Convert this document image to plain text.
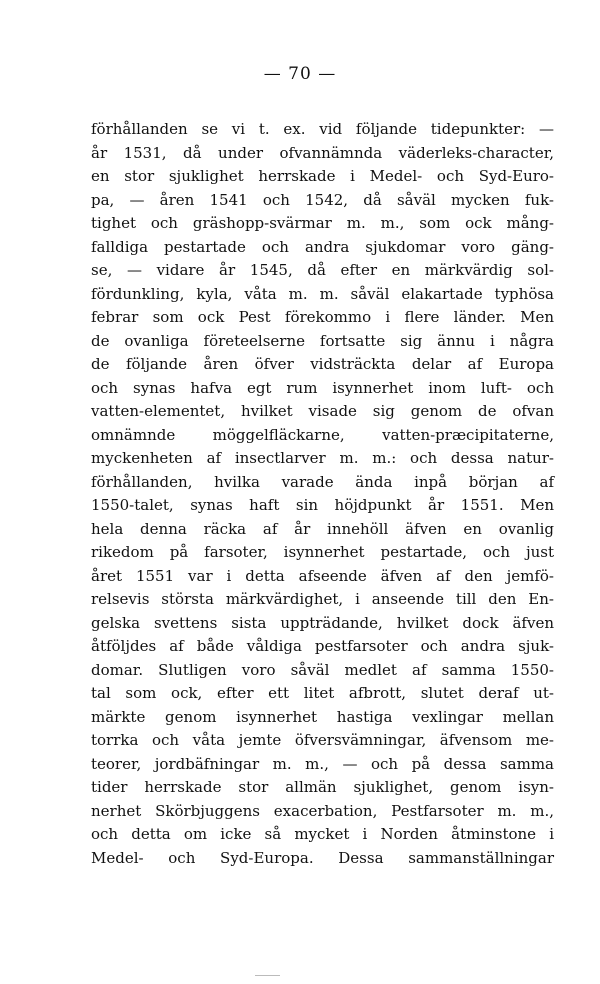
— 70 —
förhållanden se vi t. ex. vid följande tidepunkter: —
år 1531, då under ofvannämnda väderleks-character,
en stor sjuklighet herrskade i Medel- och Syd-Euro-
pa, — åren 1541 och 1542, då såväl mycken fuk-
tighet och gräshopp-svärmar m. m., som ock mång-
falldiga pestartade och andra sjukdomar voro gäng-
se, — vidare år 1545, då efter en märkvärdig sol-
fördunkling, kyla, våta m. m. såväl elakartade typhösa
febrar som ock Pest förekommo i flere länder. Men
de ovanliga företeelserne fortsatte sig ännu i några
de följande åren öfver vidsträckta delar af Europa
och synas hafva egt rum isynnerhet inom luft- och
vatten-elementet, hvilket visade sig genom de ofvan
omnämnde möggelfläckarne, vatten-præcipitaterne,
myckenheten af insectlarver m. m.: och dessa natur-
förhållanden, hvilka varade ända inpå början af
1550-talet, synas haft sin höjdpunkt år 1551. Men
hela denna räcka af år innehöll äfven en ovanlig
rikedom på farsoter, isynnerhet pestartade, och just
året 1551 var i detta afseende äfven af den jemfö-
relsevis största märkvärdighet, i anseende till den En-
gelska svettens sista uppträdande, hvilket dock äfven
åtföljdes af både våldiga pestfarsoter och andra sjuk-
domar. Slutligen voro såväl medlet af samma 1550-
tal som ock, efter ett litet afbrott, slutet deraf ut-
märkte genom isynnerhet hastiga vexlingar mellan
torrka och våta jemte öfversvämningar, äfvensom me-
teorer, jordbäfningar m. m., — och på dessa samma
tider herrskade stor allmän sjuklighet, genom isyn-
nerhet Skörbjuggens exacerbation, Pestfarsoter m. m.,
och detta om icke så mycket i Norden åtminstone i
Medel- och Syd-Europa. Dessa sammanställningar
